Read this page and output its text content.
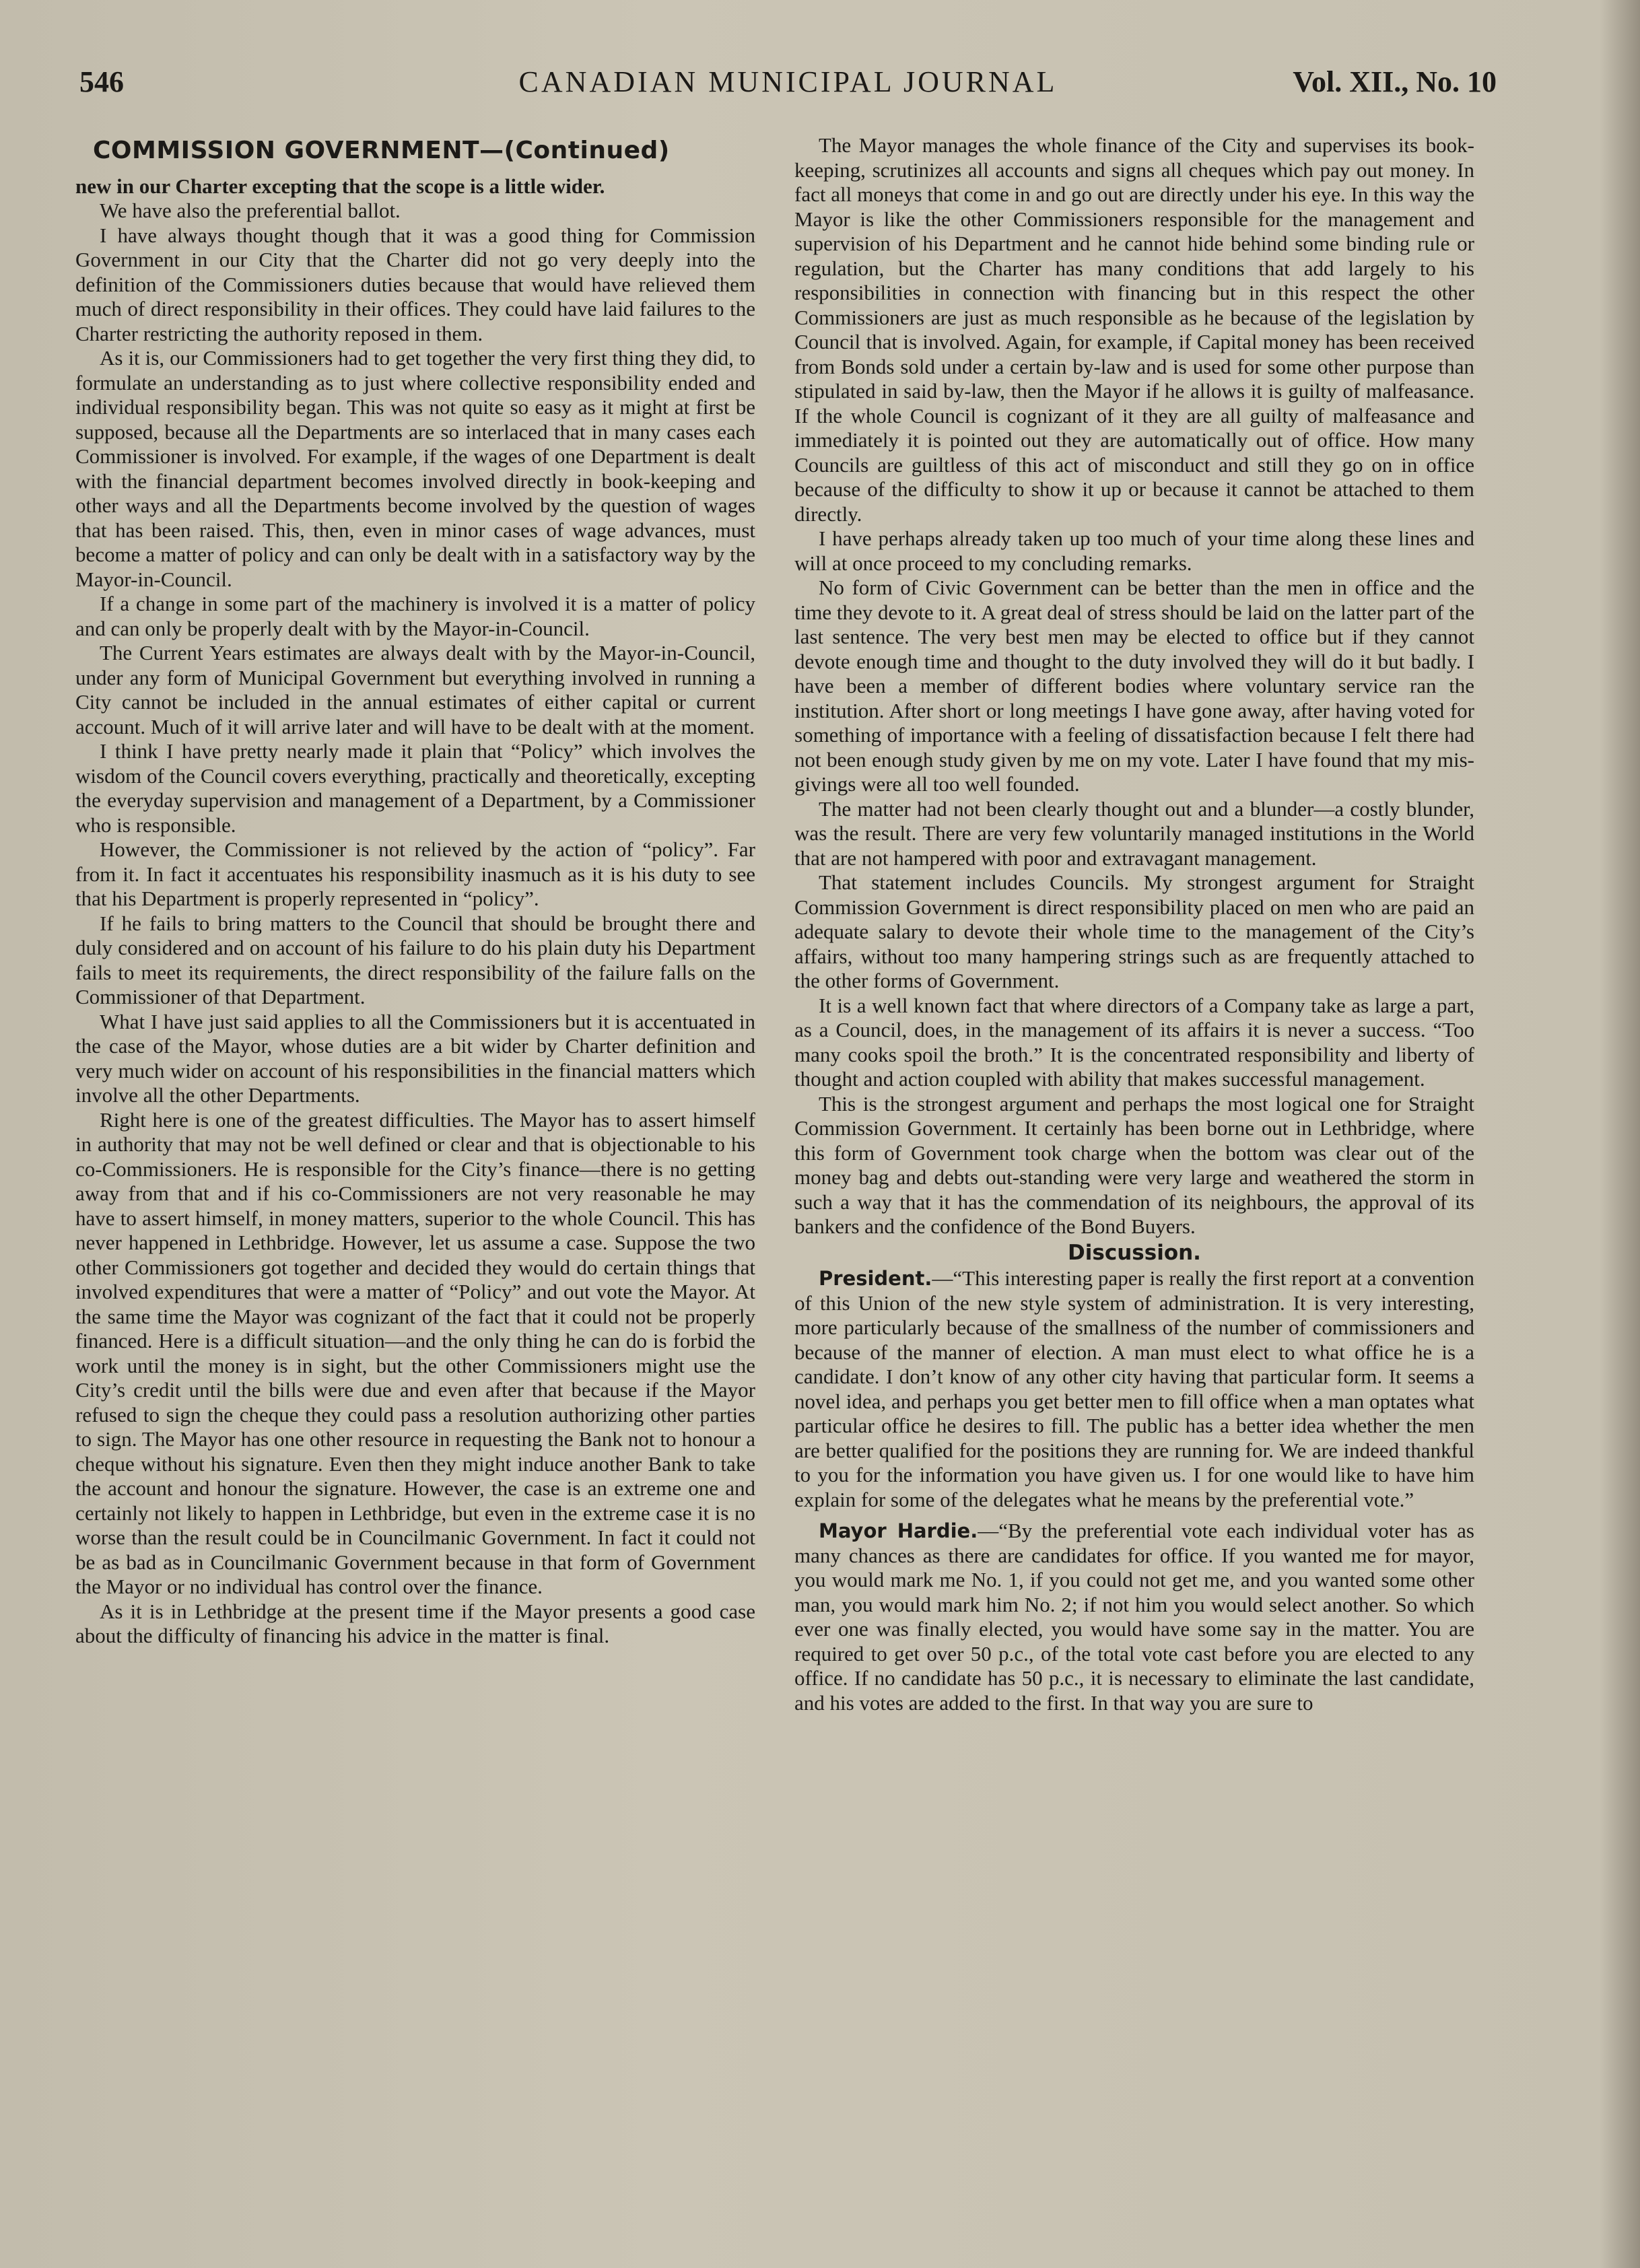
CANADIAN MUNICIPAL JOURNAL
546	Vol. XII., No. 10
COMMISSION GOVERNMENT—(Continued)

new in our Charter excepting that the scope is a little wider.

We have also the preferential ballot.

I have always thought though that it was a good thing for Commission Government in our City that the Charter did not go very deeply into the definition of the Commissioners duties because that would have relieved them much of direct responsibility in their offices. They could have laid failures to the Charter restricting the authority reposed in them.

As it is, our Commissioners had to get together the very first thing they did, to formulate an understanding as to just where collective responsibility ended and individual responsibility began. This was not quite so easy as it might at first be supposed, because all the Departments are so interlaced that in many cases each Commissioner is involved. For example, if the wages of one Department is dealt with the financial department becomes involved directly in book-keeping and other ways and all the Departments become involved by the question of wages that has been raised. This, then, even in minor cases of wage advances, must become a matter of policy and can only be dealt with in a satisfactory way by the Mayor-in-Council.

If a change in some part of the machinery is involved it is a matter of policy and can only be properly dealt with by the Mayor-in-Council.

The Current Years estimates are always dealt with by the Mayor-in-Council, under any form of Municipal Government but everything involved in running a City cannot be included in the annual estimates of either capital or current account. Much of it will arrive later and will have to be dealt with at the moment.

I think I have pretty nearly made it plain that “Policy” which involves the wisdom of the Council covers everything, practically and theoretically, excepting the everyday supervision and management of a Department, by a Commissioner who is responsible.

However, the Commissioner is not relieved by the action of “policy”. Far from it. In fact it accentuates his responsibility inasmuch as it is his duty to see that his Department is properly represented in “policy”.

If he fails to bring matters to the Council that should be brought there and duly considered and on account of his failure to do his plain duty his Department fails to meet its requirements, the direct responsibility of the failure falls on the Commissioner of that Department.

What I have just said applies to all the Commissioners but it is accentuated in the case of the Mayor, whose duties are a bit wider by Charter definition and very much wider on account of his responsibilities in the financial matters which involve all the other Departments.

Right here is one of the greatest difficulties. The Mayor has to assert himself in authority that may not be well defined or clear and that is objectionable to his co-Commissioners. He is responsible for the City’s finance—there is no getting away from that and if his co-Commissioners are not very reasonable he may have to assert himself, in money matters, superior to the whole Council. This has never happened in Lethbridge. However, let us assume a case. Suppose the two other Commissioners got together and decided they would do certain things that involved expenditures that were a matter of “Policy” and out vote the Mayor. At the same time the Mayor was cognizant of the fact that it could not be properly financed. Here is a difficult situation—and the only thing he can do is forbid the work until the money is in sight, but the other Commissioners might use the City’s credit until the bills were due and even after that because if the Mayor refused to sign the cheque they could pass a resolution authorizing other parties to sign. The Mayor has one other resource in requesting the Bank not to honour a cheque without his signature. Even then they might induce another Bank to take the account and honour the signature. However, the case is an extreme one and certainly not likely to happen in Lethbridge, but even in the extreme case it is no worse than the result could be in Councilmanic Government. In fact it could not be as bad as in Councilmanic Government because in that form of Government the Mayor or no individual has control over the finance.

As it is in Lethbridge at the present time if the Mayor presents a good case about the difficulty of financing his advice in the matter is final.

The Mayor manages the whole finance of the City and supervises its book-keeping, scrutinizes all accounts and signs all cheques which pay out money. In fact all moneys that come in and go out are directly under his eye. In this way the Mayor is like the other Commissioners responsible for the management and supervision of his Department and he cannot hide behind some binding rule or regulation, but the Charter has many conditions that add largely to his responsibilities in connection with financing but in this respect the other Commissioners are just as much responsible as he because of the legislation by Council that is involved. Again, for example, if Capital money has been received from Bonds sold under a certain by-law and is used for some other purpose than stipulated in said by-law, then the Mayor if he allows it is guilty of malfeasance. If the whole Council is cognizant of it they are all guilty of malfeasance and immediately it is pointed out they are automatically out of office. How many Councils are guiltless of this act of misconduct and still they go on in office because of the difficulty to show it up or because it cannot be attached to them directly.

I have perhaps already taken up too much of your time along these lines and will at once proceed to my concluding remarks.

No form of Civic Government can be better than the men in office and the time they devote to it. A great deal of stress should be laid on the latter part of the last sentence. The very best men may be elected to office but if they cannot devote enough time and thought to the duty involved they will do it but badly. I have been a member of different bodies where voluntary service ran the institution. After short or long meetings I have gone away, after having voted for something of importance with a feeling of dissatisfaction because I felt there had not been enough study given by me on my vote. Later I have found that my mis-givings were all too well founded.

The matter had not been clearly thought out and a blunder—a costly blunder, was the result. There are very few voluntarily managed institutions in the World that are not hampered with poor and extravagant management.

That statement includes Councils. My strongest argument for Straight Commission Government is direct responsibility placed on men who are paid an adequate salary to devote their whole time to the management of the City’s affairs, without too many hampering strings such as are frequently attached to the other forms of Government.

It is a well known fact that where directors of a Company take as large a part, as a Council, does, in the management of its affairs it is never a success. “Too many cooks spoil the broth.” It is the concentrated responsibility and liberty of thought and action coupled with ability that makes successful management.

This is the strongest argument and perhaps the most logical one for Straight Commission Government. It certainly has been borne out in Lethbridge, where this form of Government took charge when the bottom was clear out of the money bag and debts out-standing were very large and weathered the storm in such a way that it has the commendation of its neighbours, the approval of its bankers and the confidence of the Bond Buyers.

Discussion.

President.—“This interesting paper is really the first report at a convention of this Union of the new style system of administration. It is very interesting, more particularly because of the smallness of the number of commissioners and because of the manner of election. A man must elect to what office he is a candidate. I don’t know of any other city having that particular form. It seems a novel idea, and perhaps you get better men to fill office when a man optates what particular office he desires to fill. The public has a better idea whether the men are better qualified for the positions they are running for. We are indeed thankful to you for the information you have given us. I for one would like to have him explain for some of the delegates what he means by the preferential vote.”

Mayor Hardie.—“By the preferential vote each individual voter has as many chances as there are candidates for office. If you wanted me for mayor, you would mark me No. 1, if you could not get me, and you wanted some other man, you would mark him No. 2; if not him you would select another. So which ever one was finally elected, you would have some say in the matter. You are required to get over 50 p.c., of the total vote cast before you are elected to any office. If no candidate has 50 p.c., it is necessary to eliminate the last candidate, and his votes are added to the first. In that way you are sure to
